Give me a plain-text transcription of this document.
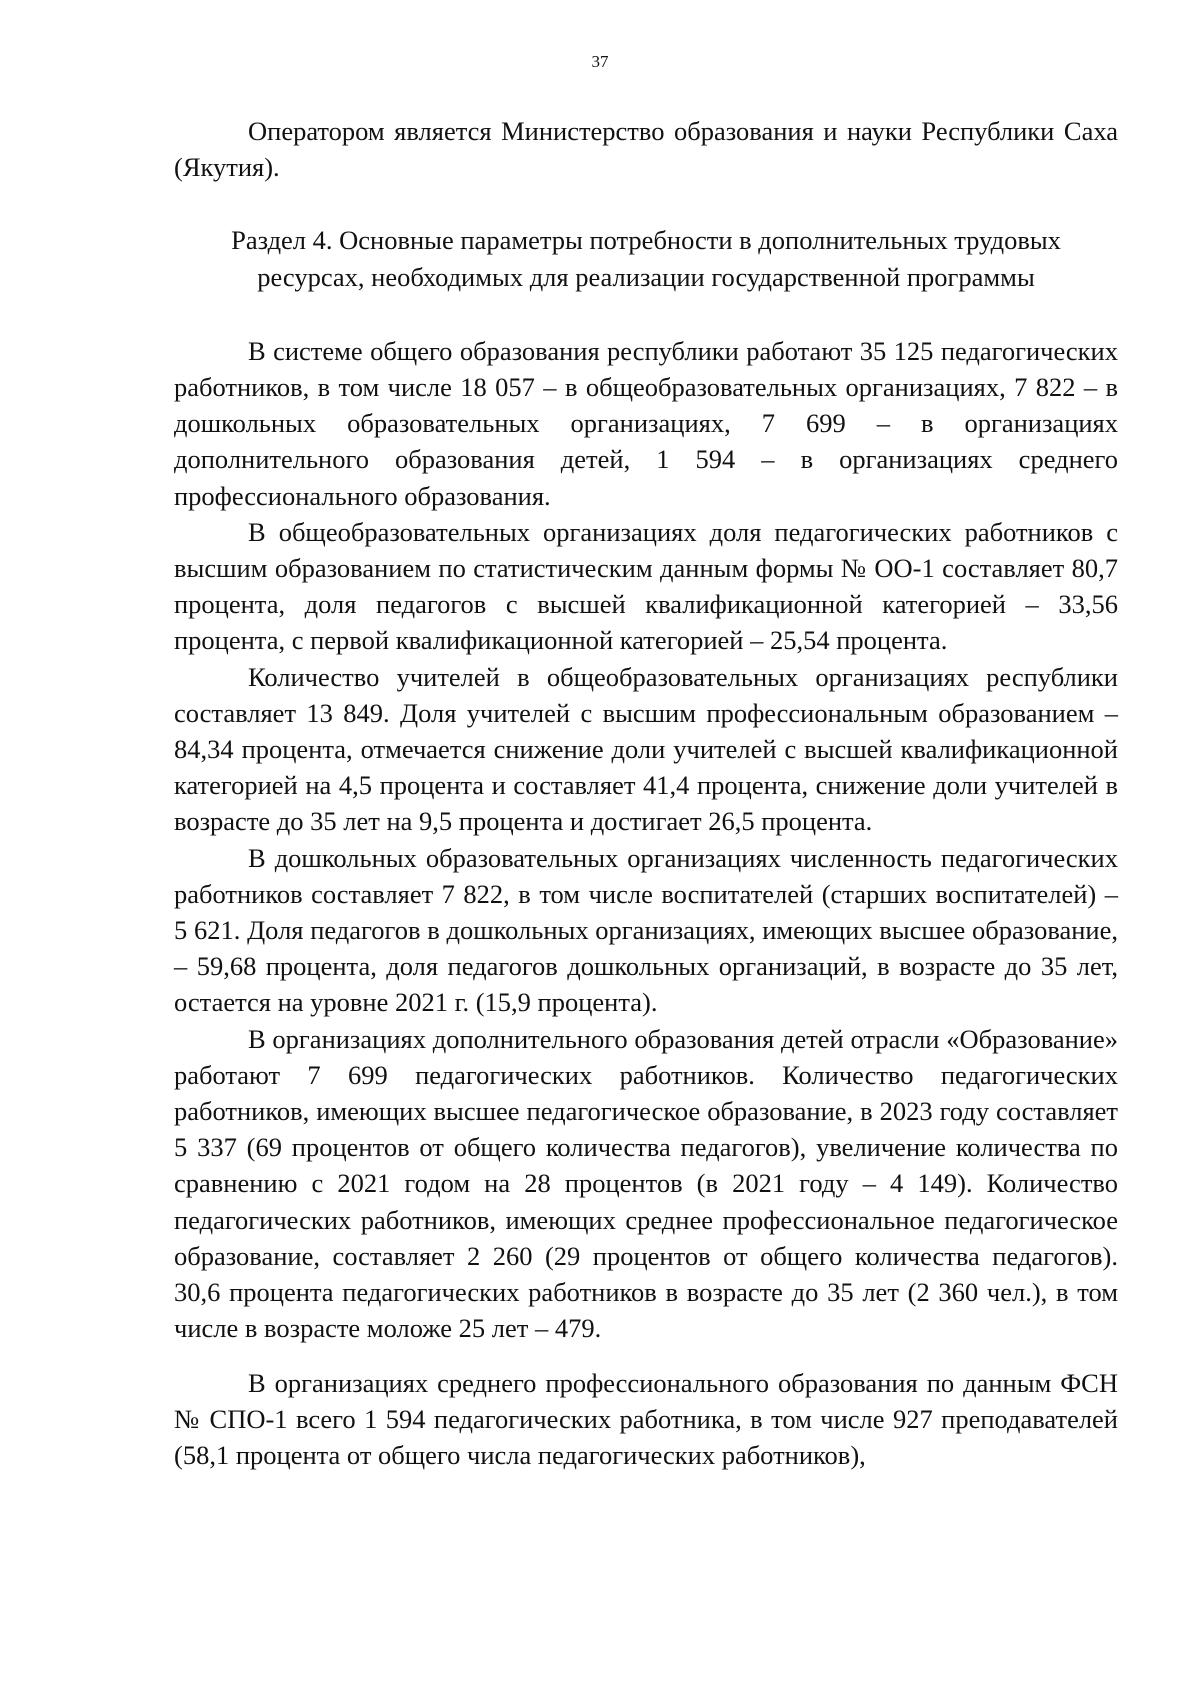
37

Оператором является Министерство образования и науки Республики Саха (Якутия).

Раздел 4. Основные параметры потребности в дополнительных трудовых
ресурсах, необходимых для реализации государственной программы

В системе общего образования республики работают 35 125 педагогических работников, в том числе 18 057 – в общеобразовательных организациях, 7 822 – в дошкольных образовательных организациях, 7 699 – в организациях дополнительного образования детей, 1 594 – в организациях среднего профессионального образования.

В общеобразовательных организациях доля педагогических работников с высшим образованием по статистическим данным формы № ОО-1 составляет 80,7 процента, доля педагогов с высшей квалификационной категорией – 33,56 процента, с первой квалификационной категорией – 25,54 процента.

Количество учителей в общеобразовательных организациях республики составляет 13 849. Доля учителей с высшим профессиональным образованием – 84,34 процента, отмечается снижение доли учителей с высшей квалификационной категорией на 4,5 процента и составляет 41,4 процента, снижение доли учителей в возрасте до 35 лет на 9,5 процента и достигает 26,5 процента.

В дошкольных образовательных организациях численность педагогических работников составляет 7 822, в том числе воспитателей (старших воспитателей) – 5 621. Доля педагогов в дошкольных организациях, имеющих высшее образование, – 59,68 процента, доля педагогов дошкольных организаций, в возрасте до 35 лет, остается на уровне 2021 г. (15,9 процента).

В организациях дополнительного образования детей отрасли «Образование» работают 7 699 педагогических работников. Количество педагогических работников, имеющих высшее педагогическое образование, в 2023 году составляет 5 337 (69 процентов от общего количества педагогов), увеличение количества по сравнению с 2021 годом на 28 процентов (в 2021 году – 4 149). Количество педагогических работников, имеющих среднее профессиональное педагогическое образование, составляет 2 260 (29 процентов от общего количества педагогов). 30,6 процента педагогических работников в возрасте до 35 лет (2 360 чел.), в том числе в возрасте моложе 25 лет – 479.

В организациях среднего профессионального образования по данным ФСН № СПО-1 всего 1 594 педагогических работника, в том числе 927 преподавателей (58,1 процента от общего числа педагогических работников),
